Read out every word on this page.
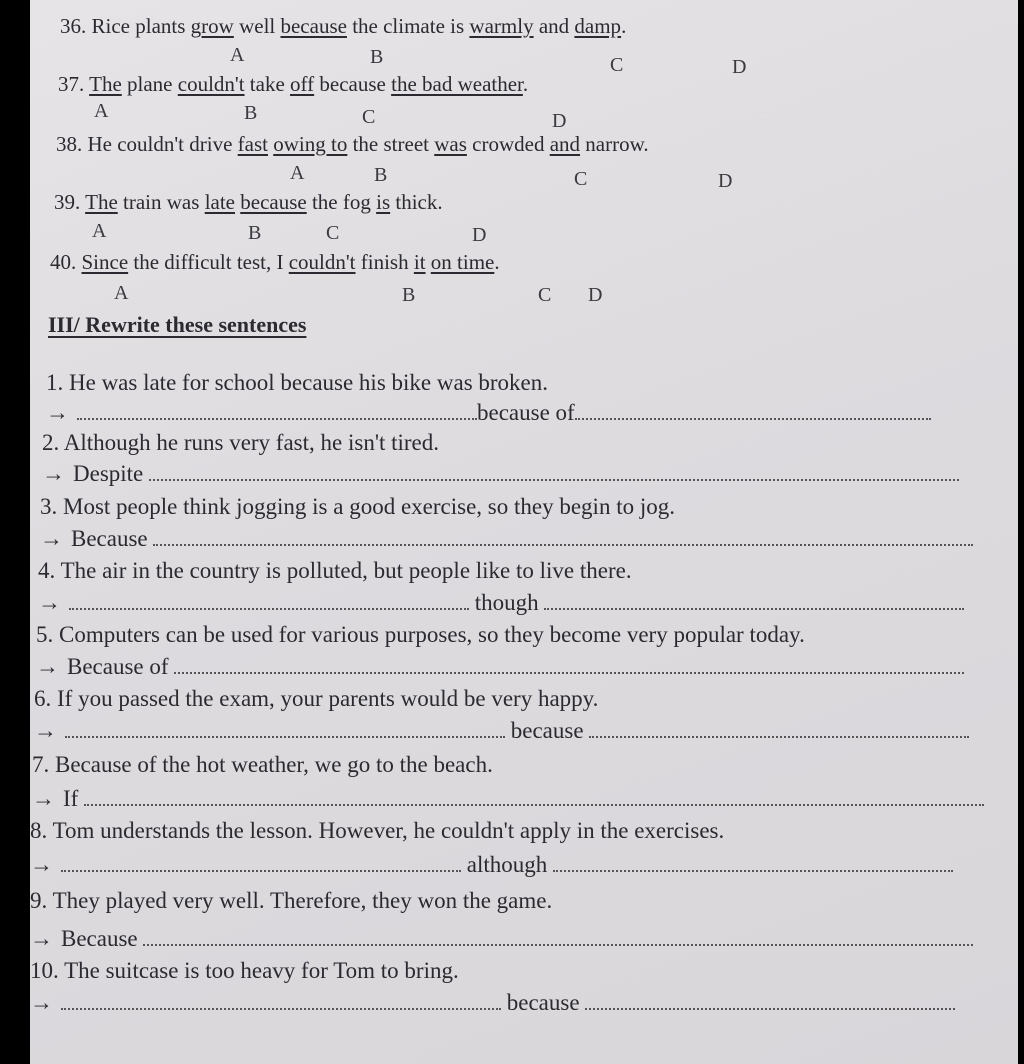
36. Rice plants grow well because the climate is warmly and damp.
A	B	C	D
37. The plane couldn't take off because the bad weather.
A	B	C	D
38. He couldn't drive fast owing to the street was crowded and narrow.
A	B	C	D
39. The train was late because the fog is thick.
A	B	C	D
40. Since the difficult test, I couldn't finish it on time.
A	B	C D
III/ Rewrite these sentences
1. He was late for school because his bike was broken.
→	because of
2. Although he runs very fast, he isn't tired.
→ Despite
3. Most people think jogging is a good exercise, so they begin to jog.
→ Because
4. The air in the country is polluted, but people like to live there.
→	though
5. Computers can be used for various purposes, so they become very popular today.
→ Because of
6. If you passed the exam, your parents would be very happy.
→	because
7. Because of the hot weather, we go to the beach.
→ If
8. Tom understands the lesson. However, he couldn't apply in the exercises.
→	although
9. They played very well. Therefore, they won the game.
→ Because
10. The suitcase is too heavy for Tom to bring.
→	because
